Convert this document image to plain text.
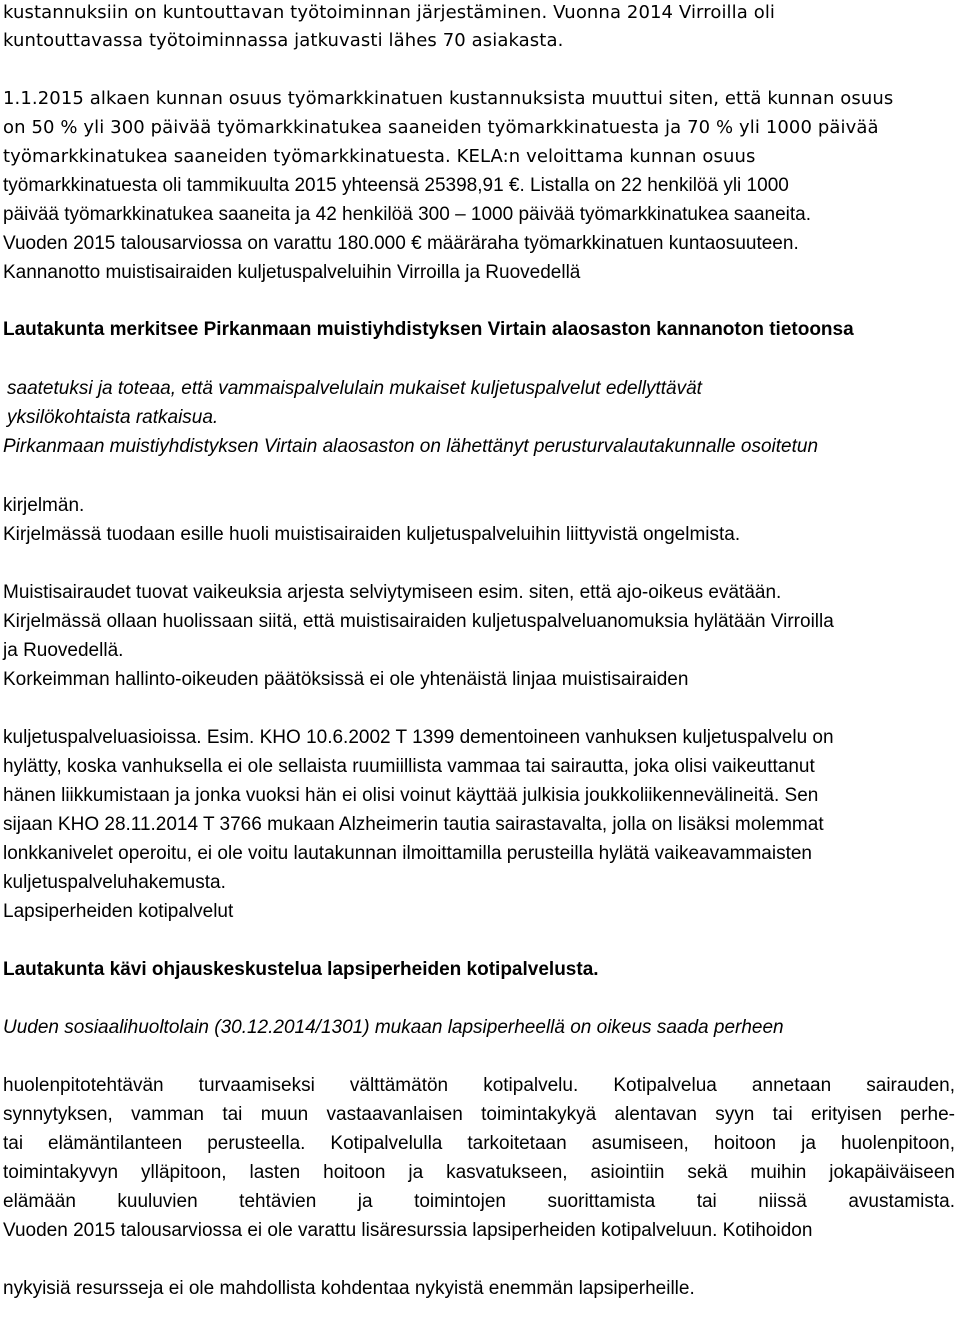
kustannuksiin on kuntouttavan työtoiminnan järjestäminen. Vuonna 2014 Virroilla oli
kuntouttavassa työtoiminnassa jatkuvasti lähes 70 asiakasta.
1.1.2015 alkaen kunnan osuus työmarkkinatuen kustannuksista muuttui siten, että kunnan osuus
on 50 % yli 300 päivää työmarkkinatukea saaneiden työmarkkinatuesta ja 70 % yli 1000 päivää
työmarkkinatukea saaneiden työmarkkinatuesta. KELA:n veloittama kunnan osuus
työmarkkinatuesta oli tammikuulta 2015 yhteensä 25398,91 €. Listalla on 22 henkilöä yli 1000
päivää työmarkkinatukea saaneita ja 42 henkilöä 300 – 1000 päivää työmarkkinatukea saaneita.
Vuoden 2015 talousarviossa on varattu 180.000 € määräraha työmarkkinatuen kuntaosuuteen.
Kannanotto muistisairaiden kuljetuspalveluihin Virroilla ja Ruovedellä
Lautakunta merkitsee Pirkanmaan muistiyhdistyksen Virtain alaosaston kannanoton tietoonsa
saatetuksi ja toteaa, että vammaispalvelulain mukaiset kuljetuspalvelut edellyttävät
yksilökohtaista ratkaisua.
Pirkanmaan muistiyhdistyksen Virtain alaosaston on lähettänyt perusturvalautakunnalle osoitetun
kirjelmän.
Kirjelmässä tuodaan esille huoli muistisairaiden kuljetuspalveluihin liittyvistä ongelmista.
Muistisairaudet tuovat vaikeuksia arjesta selviytymiseen esim. siten, että ajo-oikeus evätään.
Kirjelmässä ollaan huolissaan siitä, että muistisairaiden kuljetuspalveluanomuksia hylätään Virroilla
ja Ruovedellä.
Korkeimman hallinto-oikeuden päätöksissä ei ole yhtenäistä linjaa muistisairaiden
kuljetuspalveluasioissa. Esim. KHO 10.6.2002 T 1399 dementoineen vanhuksen kuljetuspalvelu on
hylätty, koska vanhuksella ei ole sellaista ruumiillista vammaa tai sairautta, joka olisi vaikeuttanut
hänen liikkumistaan ja jonka vuoksi hän ei olisi voinut käyttää julkisia joukkoliikennevälineitä. Sen
sijaan KHO 28.11.2014 T 3766 mukaan Alzheimerin tautia sairastavalta, jolla on lisäksi molemmat
lonkkanivelet operoitu, ei ole voitu lautakunnan ilmoittamilla perusteilla hylätä vaikeavammaisten
kuljetuspalveluhakemusta.
Lapsiperheiden kotipalvelut
Lautakunta kävi ohjauskeskustelua lapsiperheiden kotipalvelusta.
Uuden sosiaalihuoltolain (30.12.2014/1301) mukaan lapsiperheellä on oikeus saada perheen
huolenpitotehtävän turvaamiseksi välttämätön kotipalvelu. Kotipalvelua annetaan sairauden,
synnytyksen, vamman tai muun vastaavanlaisen toimintakykyä alentavan syyn tai erityisen perhe-
tai elämäntilanteen perusteella. Kotipalvelulla tarkoitetaan asumiseen, hoitoon ja huolenpitoon,
toimintakyvyn ylläpitoon, lasten hoitoon ja kasvatukseen, asiointiin sekä muihin jokapäiväiseen
elämään kuuluvien tehtävien ja toimintojen suorittamista tai niissä avustamista.
Vuoden 2015 talousarviossa ei ole varattu lisäresurssia lapsiperheiden kotipalveluun. Kotihoidon
nykyisiä resursseja ei ole mahdollista kohdentaa nykyistä enemmän lapsiperheille.
